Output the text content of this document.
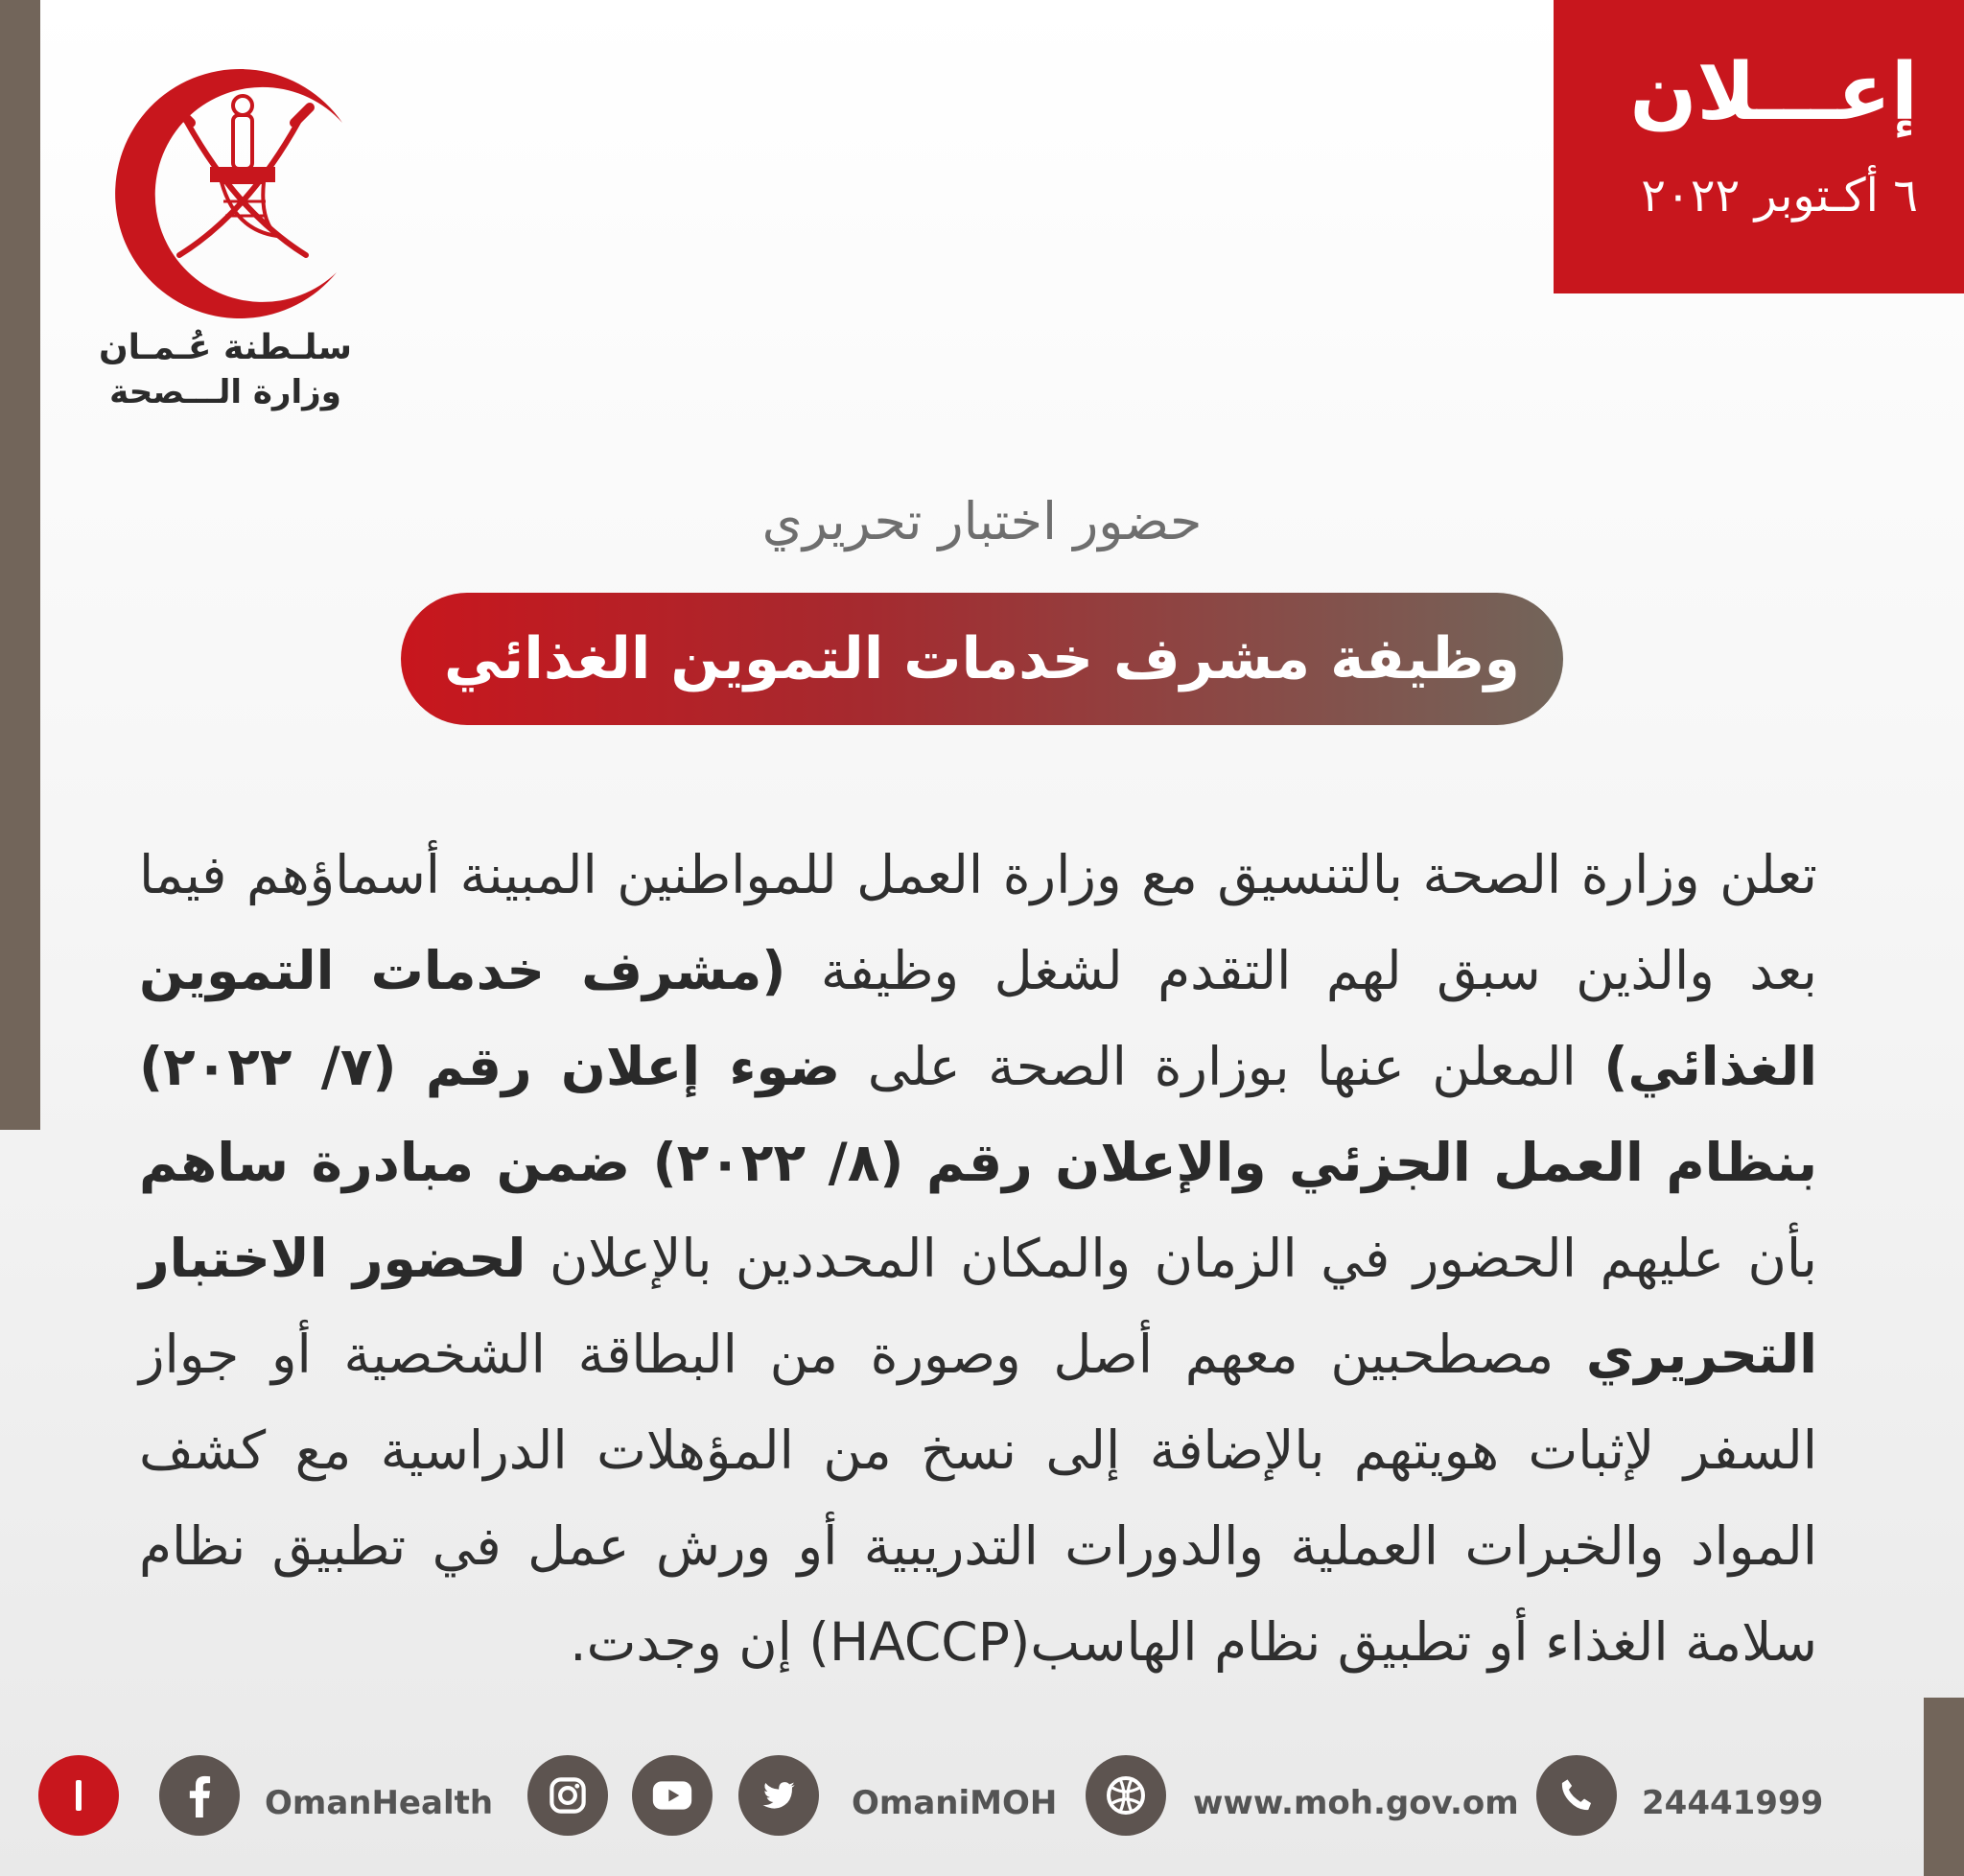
إعـــلان
٦ أكـتوبر ٢٠٢٢
سلـطنة عُـمـان
وزارة الـــصحة
حضور اختبار تحريري
وظيفة مشرف خدمات التموين الغذائي
تعلن وزارة الصحة بالتنسيق مع وزارة العمل للمواطنين المبينة أسماؤهم فيما بعد والذين سبق لهم التقدم لشغل وظيفة (مشرف خدمات التموين الغذائي) المعلن عنها بوزارة الصحة على ضوء إعلان رقم (٧/ ٢٠٢٢) بنظام العمل الجزئي والإعلان رقم (٨/ ٢٠٢٢) ضمن مبادرة ساهم بأن عليهم الحضور في الزمان والمكان المحددين بالإعلان لحضور الاختبار التحريري مصطحبين معهم أصل وصورة من البطاقة الشخصية أو جواز السفر لإثبات هويتهم بالإضافة إلى نسخ من المؤهلات الدراسية مع كشف المواد والخبرات العملية والدورات التدريبية أو ورش عمل في تطبيق نظام سلامة الغذاء أو تطبيق نظام الهاسب(HACCP) إن وجدت.
24441999
www.moh.gov.om
OmaniMOH
OmanHealth
